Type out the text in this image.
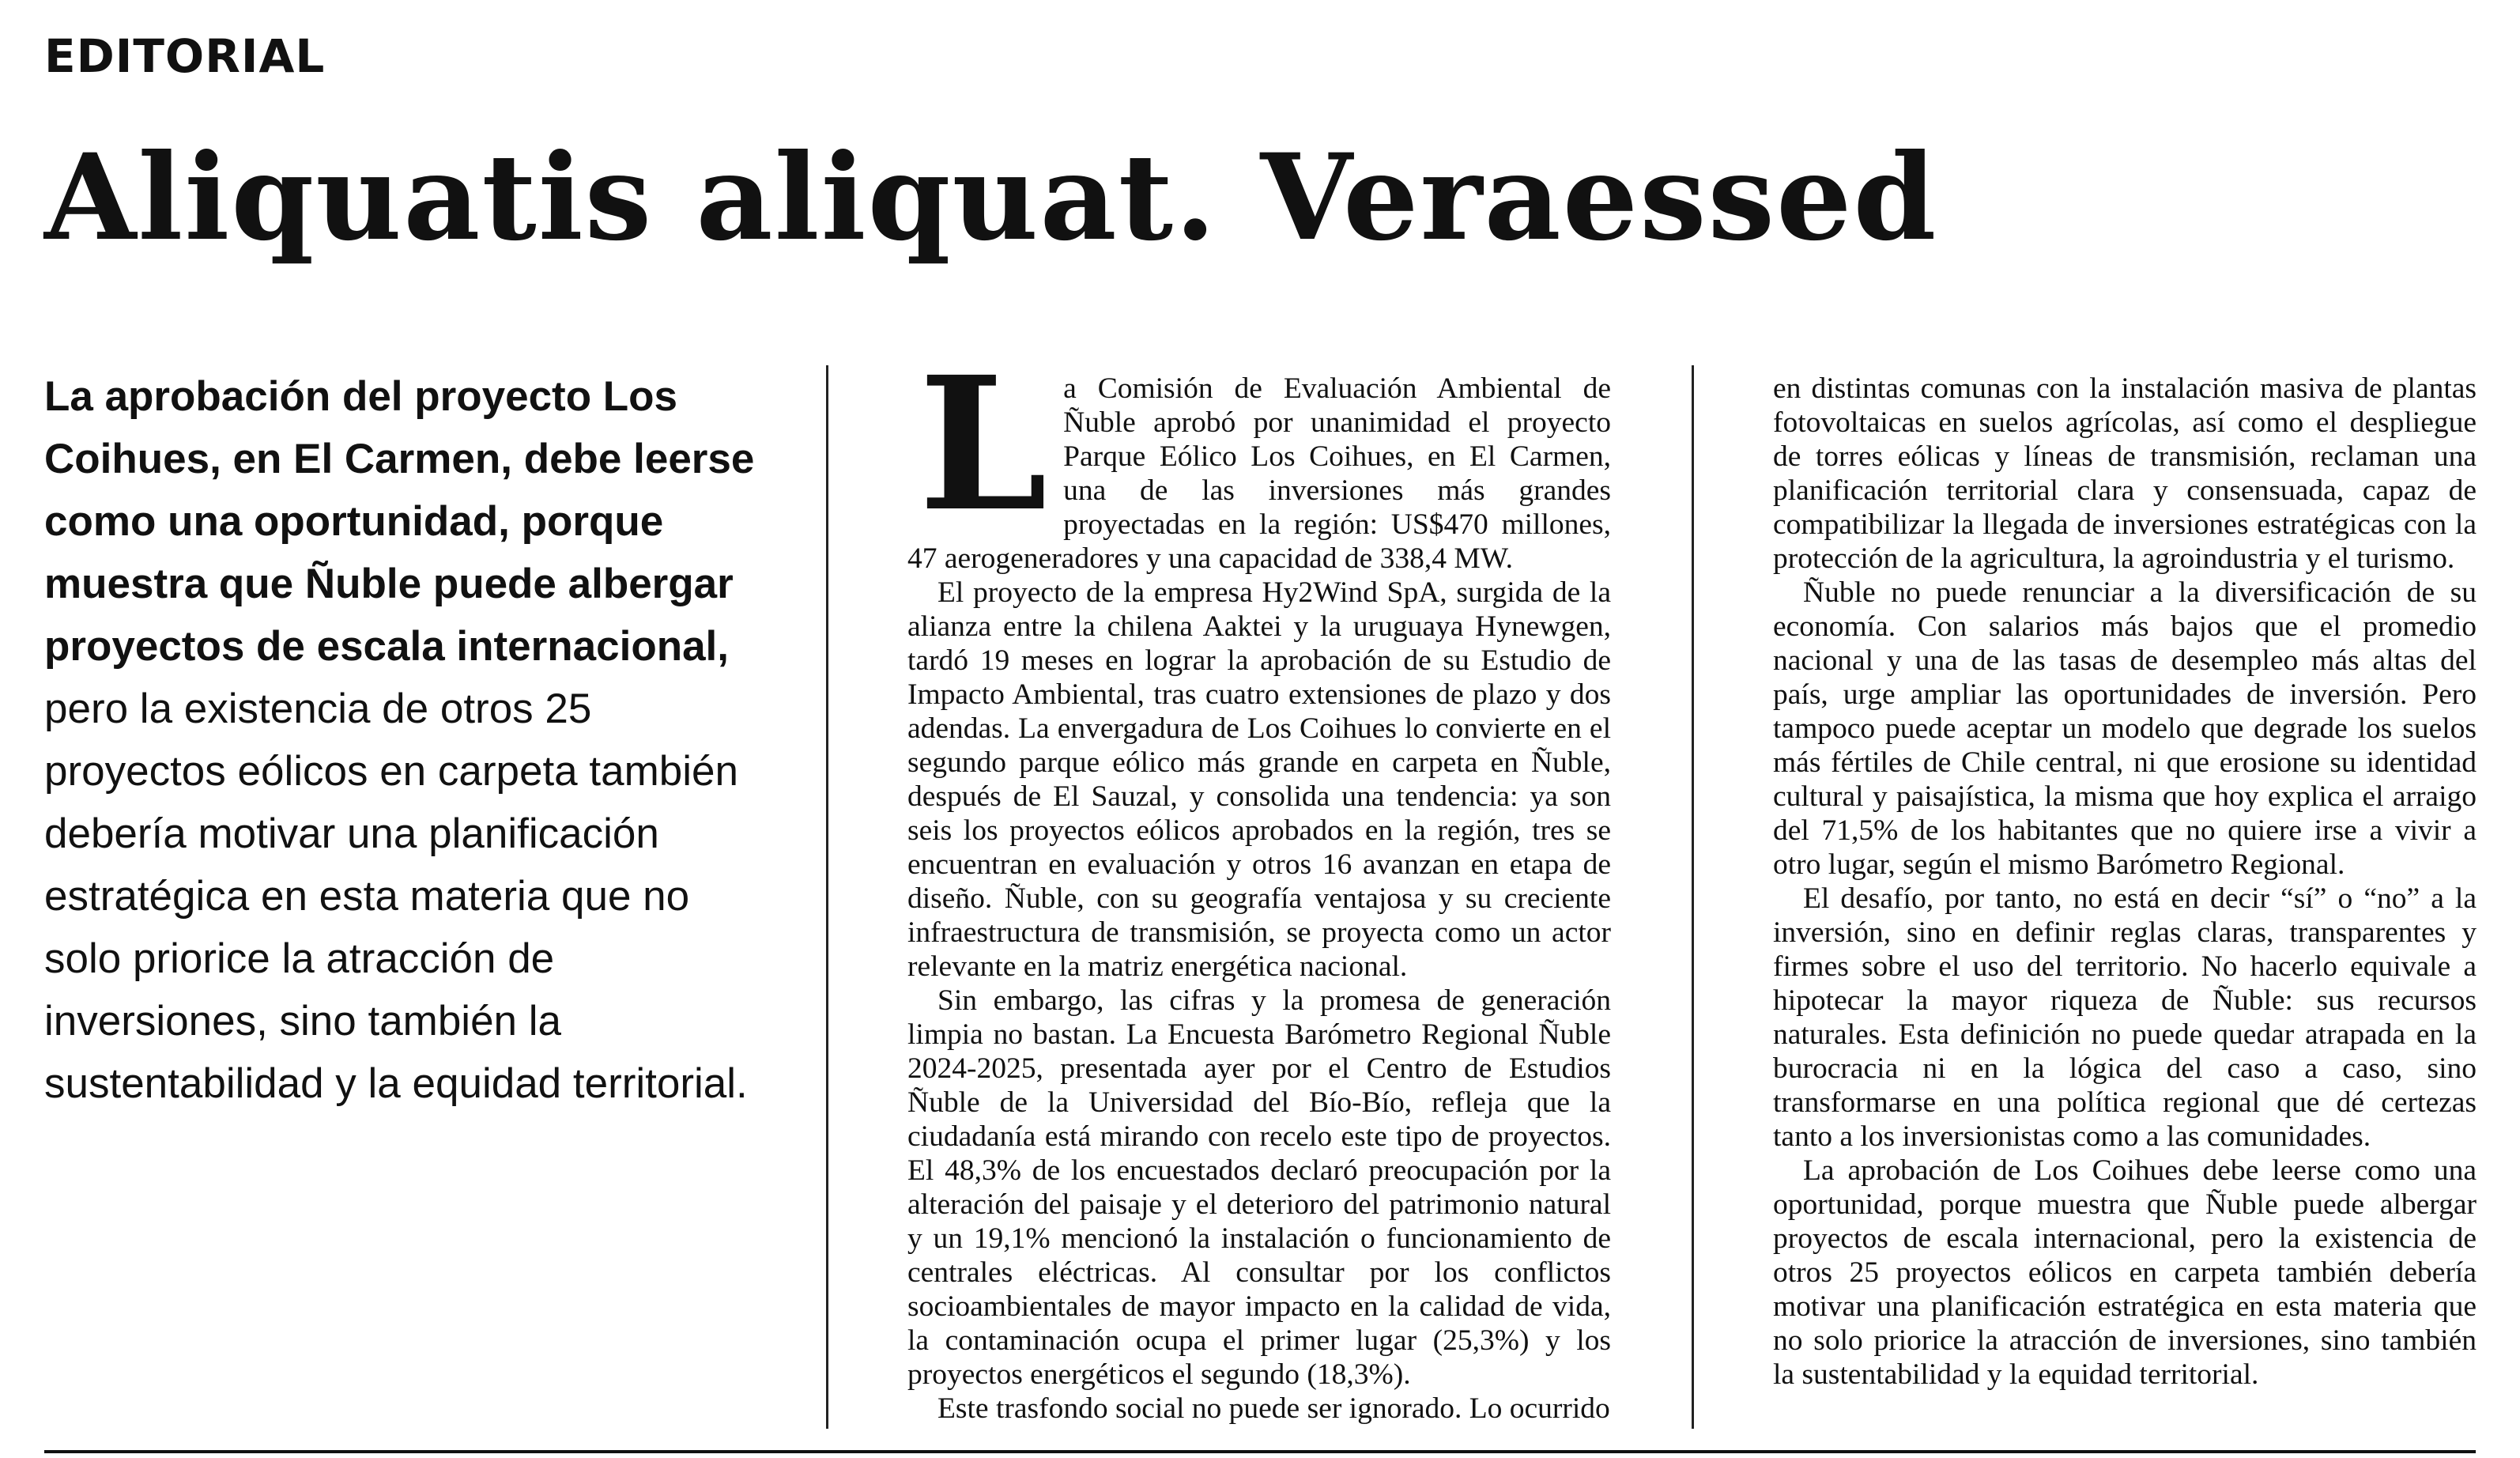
EDITORIAL
Aliquatis aliquat. Veraessed

La aprobación del proyecto Los Coihues, en El Carmen, debe leerse como una oportunidad, porque muestra que Ñuble puede albergar proyectos de escala internacional, pero la existencia de otros 25 proyectos eólicos en carpeta también debería motivar una planificación estratégica en esta materia que no solo priorice la atracción de inversiones, sino también la sustentabilidad y la equidad territorial.

La Comisión de Evaluación Ambiental de Ñuble aprobó por unanimidad el proyecto Parque Eólico Los Coihues, en El Carmen, una de las inversiones más grandes proyectadas en la región: US$470 millones, 47 aerogeneradores y una capacidad de 338,4 MW.

El proyecto de la empresa Hy2Wind SpA, surgida de la alianza entre la chilena Aaktei y la uruguaya Hynewgen, tardó 19 meses en lograr la aprobación de su Estudio de Impacto Ambiental, tras cuatro extensiones de plazo y dos adendas. La envergadura de Los Coihues lo convierte en el segundo parque eólico más grande en carpeta en Ñuble, después de El Sauzal, y consolida una tendencia: ya son seis los proyectos eólicos aprobados en la región, tres se encuentran en evaluación y otros 16 avanzan en etapa de diseño. Ñuble, con su geografía ventajosa y su creciente infraestructura de transmisión, se proyecta como un actor relevante en la matriz energética nacional.

Sin embargo, las cifras y la promesa de generación limpia no bastan. La Encuesta Barómetro Regional Ñuble 2024-2025, presentada ayer por el Centro de Estudios Ñuble de la Universidad del Bío-Bío, refleja que la ciudadanía está mirando con recelo este tipo de proyectos. El 48,3% de los encuestados declaró preocupación por la alteración del paisaje y el deterioro del patrimonio natural y un 19,1% mencionó la instalación o funcionamiento de centrales eléctricas. Al consultar por los conflictos socioambientales de mayor impacto en la calidad de vida, la contaminación ocupa el primer lugar (25,3%) y los proyectos energéticos el segundo (18,3%).

Este trasfondo social no puede ser ignorado. Lo ocurrido

en distintas comunas con la instalación masiva de plantas fotovoltaicas en suelos agrícolas, así como el despliegue de torres eólicas y líneas de transmisión, reclaman una planificación territorial clara y consensuada, capaz de compatibilizar la llegada de inversiones estratégicas con la protección de la agricultura, la agroindustria y el turismo.

Ñuble no puede renunciar a la diversificación de su economía. Con salarios más bajos que el promedio nacional y una de las tasas de desempleo más altas del país, urge ampliar las oportunidades de inversión. Pero tampoco puede aceptar un modelo que degrade los suelos más fértiles de Chile central, ni que erosione su identidad cultural y paisajística, la misma que hoy explica el arraigo del 71,5% de los habitantes que no quiere irse a vivir a otro lugar, según el mismo Barómetro Regional.

El desafío, por tanto, no está en decir “sí” o “no” a la inversión, sino en definir reglas claras, transparentes y firmes sobre el uso del territorio. No hacerlo equivale a hipotecar la mayor riqueza de Ñuble: sus recursos naturales. Esta definición no puede quedar atrapada en la burocracia ni en la lógica del caso a caso, sino transformarse en una política regional que dé certezas tanto a los inversionistas como a las comunidades.

La aprobación de Los Coihues debe leerse como una oportunidad, porque muestra que Ñuble puede albergar proyectos de escala internacional, pero la existencia de otros 25 proyectos eólicos en carpeta también debería motivar una planificación estratégica en esta materia que no solo priorice la atracción de inversiones, sino también la sustentabilidad y la equidad territorial.
